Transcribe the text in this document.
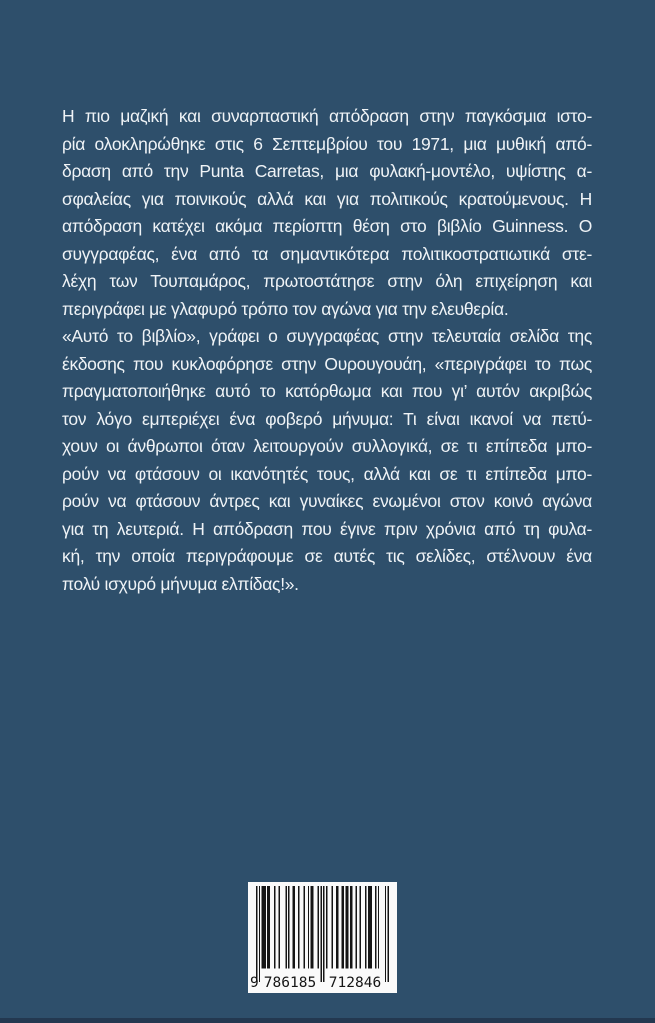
Η πιο μαζική και συναρπαστική απόδραση στην παγκόσμια ιστο-
ρία ολοκληρώθηκε στις 6 Σεπτεμβρίου του 1971, μια μυθική από-
δραση από την Punta Carretas, μια φυλακή-μοντέλο, υψίστης α-
σφαλείας για ποινικούς αλλά και για πολιτικούς κρατούμενους. Η
απόδραση κατέχει ακόμα περίοπτη θέση στο βιβλίο Guinness. Ο
συγγραφέας, ένα από τα σημαντικότερα πολιτικοστρατιωτικά στε-
λέχη των Τουπαμάρος, πρωτοστάτησε στην όλη επιχείρηση και
περιγράφει με γλαφυρό τρόπο τον αγώνα για την ελευθερία.
«Αυτό το βιβλίο», γράφει ο συγγραφέας στην τελευταία σελίδα της
έκδοσης που κυκλοφόρησε στην Ουρουγουάη, «περιγράφει το πως
πραγματοποιήθηκε αυτό το κατόρθωμα και που γι’ αυτόν ακριβώς
τον λόγο εμπεριέχει ένα φοβερό μήνυμα: Τι είναι ικανοί να πετύ-
χουν οι άνθρωποι όταν λειτουργούν συλλογικά, σε τι επίπεδα μπο-
ρούν να φτάσουν οι ικανότητές τους, αλλά και σε τι επίπεδα μπο-
ρούν να φτάσουν άντρες και γυναίκες ενωμένοι στον κοινό αγώνα
για τη λευτεριά. Η απόδραση που έγινε πριν χρόνια από τη φυλα-
κή, την οποία περιγράφουμε σε αυτές τις σελίδες, στέλνουν ένα
πολύ ισχυρό μήνυμα ελπίδας!».
9 786185 712846
